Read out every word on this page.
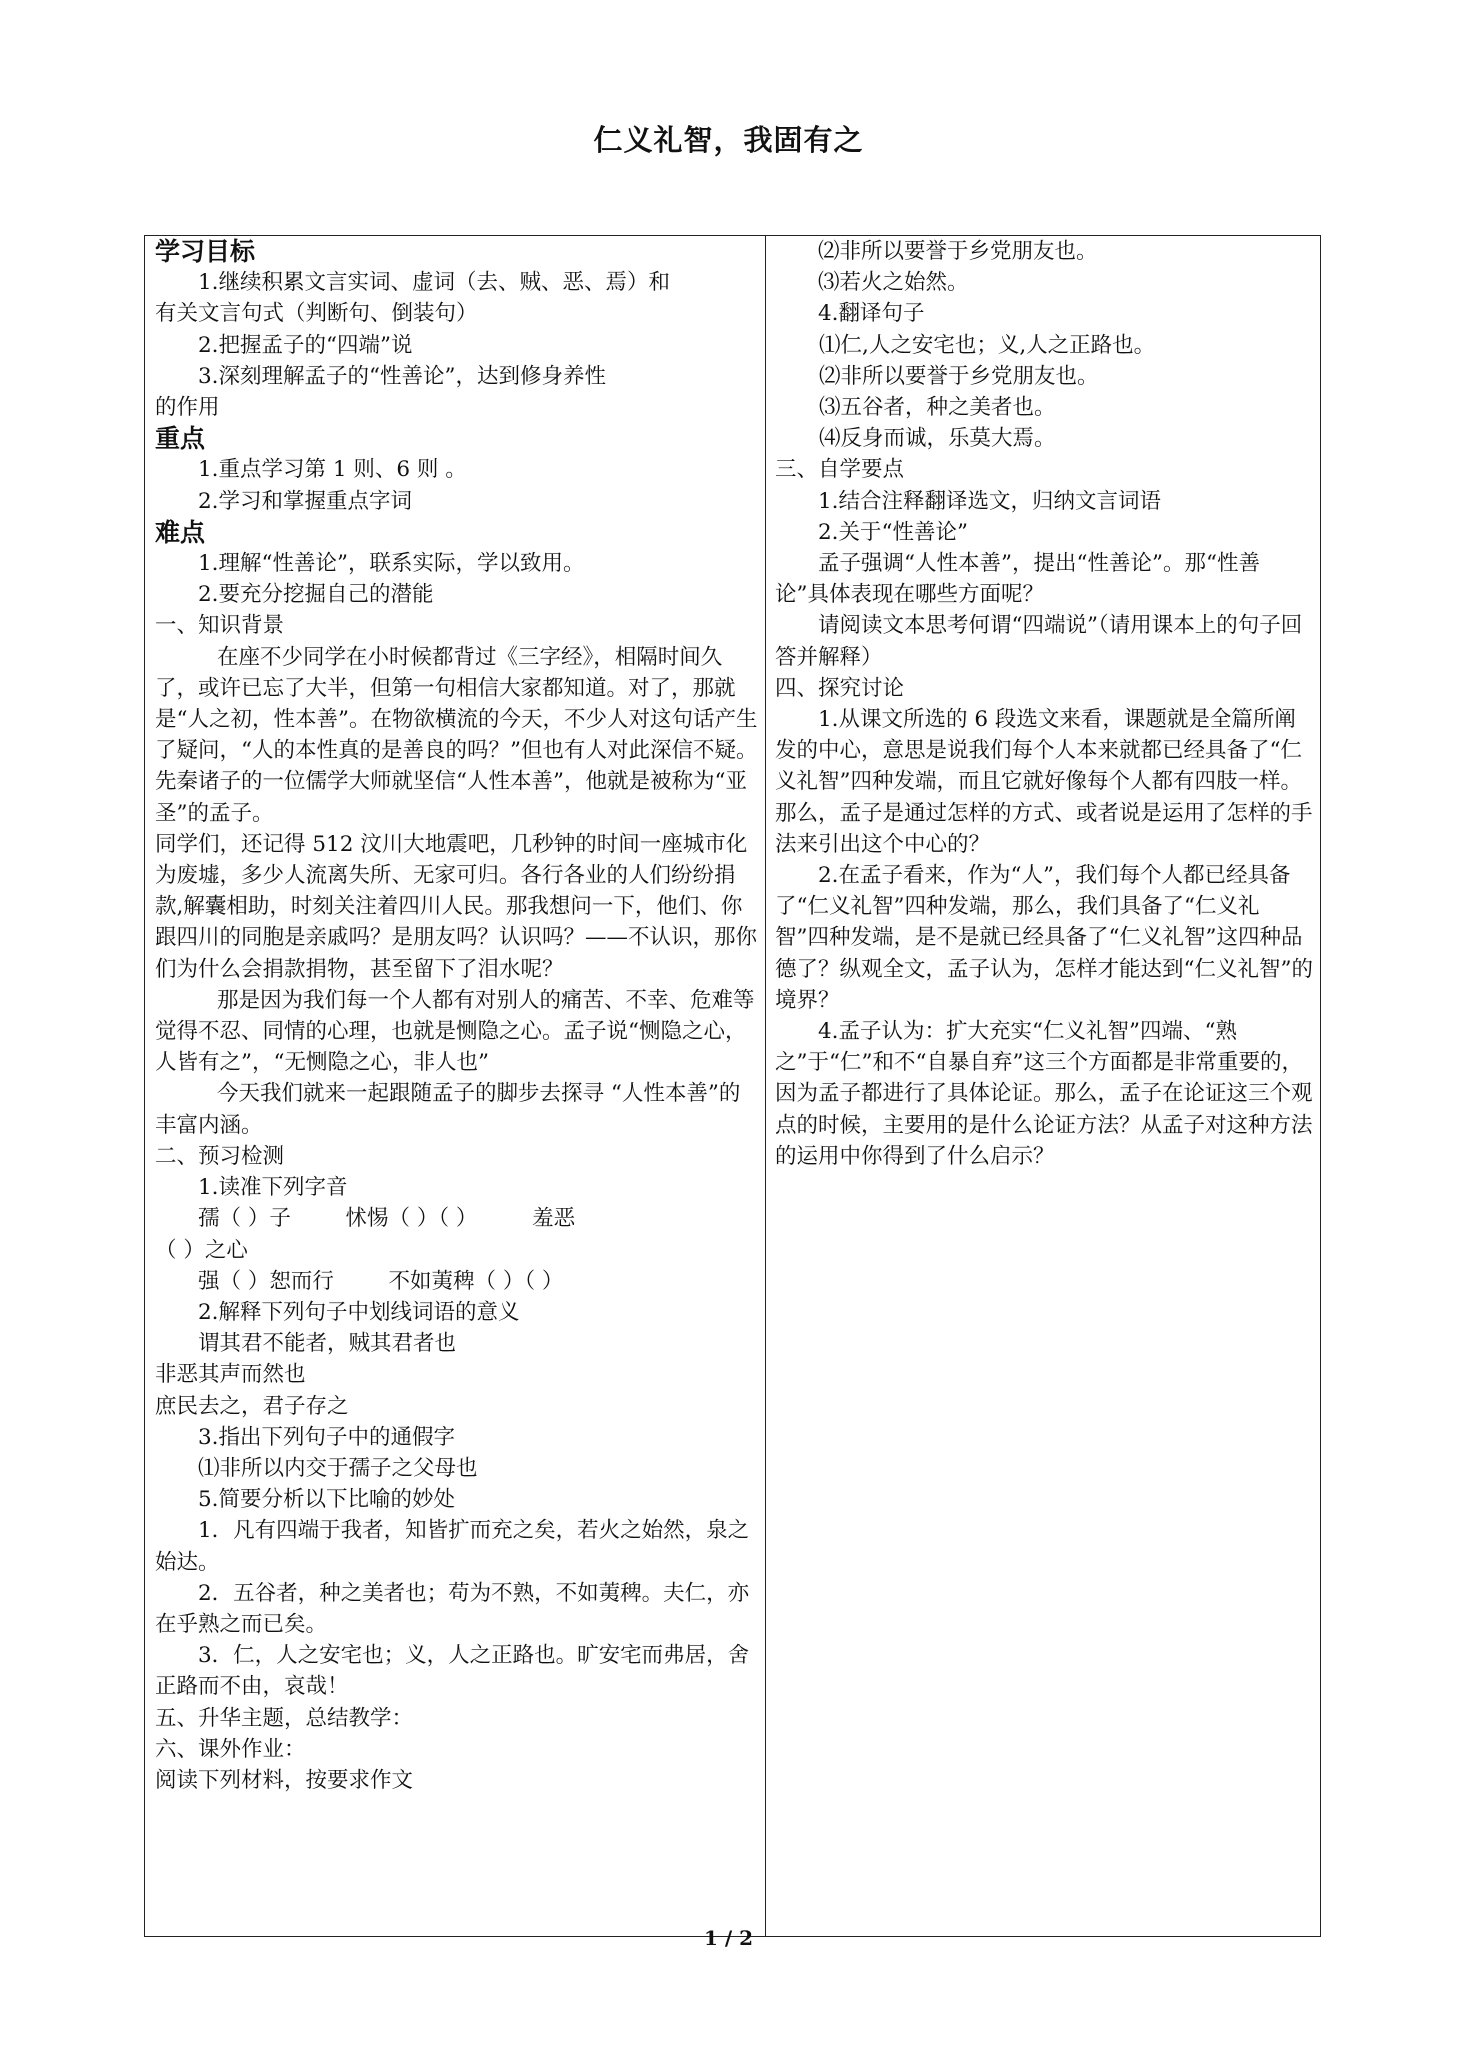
仁义礼智，我固有之

学习目标

1.继续积累文言实词、虚词（去、贼、恶、焉）和

有关文言句式（判断句、倒装句）

2.把握孟子的“四端”说

3.深刻理解孟子的“性善论”，达到修身养性

的作用

重点

1.重点学习第 1 则、6 则 。

2.学习和掌握重点字词

难点

1.理解“性善论”，联系实际，学以致用。

2.要充分挖掘自己的潜能

一、知识背景

在座不少同学在小时候都背过《三字经》，相隔时间久了，或许已忘了大半，但第一句相信大家都知道。对了，那就是“人之初，性本善”。在物欲横流的今天，不少人对这句话产生了疑问，“人的本性真的是善良的吗？”但也有人对此深信不疑。先秦诸子的一位儒学大师就坚信“人性本善”，他就是被称为“亚圣”的孟子。

同学们，还记得 512 汶川大地震吧，几秒钟的时间一座城市化为废墟，多少人流离失所、无家可归。各行各业的人们纷纷捐款,解囊相助，时刻关注着四川人民。那我想问一下，他们、你跟四川的同胞是亲戚吗？是朋友吗？认识吗？——不认识，那你们为什么会捐款捐物，甚至留下了泪水呢？

那是因为我们每一个人都有对别人的痛苦、不幸、危难等觉得不忍、同情的心理，也就是恻隐之心。孟子说“恻隐之心，人皆有之”，“无恻隐之心，非人也”

今天我们就来一起跟随孟子的脚步去探寻 “人性本善”的丰富内涵。

二、预习检测

1.读准下列字音

孺（ ）子        怵惕（ ）（ ）        羞恶

（ ）之心

强（ ）恕而行        不如荑稗（ ）（ ）

2.解释下列句子中划线词语的意义

谓其君不能者，贼其君者也

非恶其声而然也

庶民去之，君子存之

3.指出下列句子中的通假字

⑴非所以内交于孺子之父母也

5.简要分析以下比喻的妙处

1．凡有四端于我者，知皆扩而充之矣，若火之始然，泉之始达。

2．五谷者，种之美者也；苟为不熟，不如荑稗。夫仁，亦在乎熟之而已矣。

3．仁，人之安宅也；义，人之正路也。旷安宅而弗居，舍正路而不由，哀哉！

五、升华主题，总结教学：

六、课外作业：

阅读下列材料，按要求作文

⑵非所以要誉于乡党朋友也。

⑶若火之始然。

4.翻译句子

⑴仁,人之安宅也；义,人之正路也。

⑵非所以要誉于乡党朋友也。

⑶五谷者，种之美者也。

⑷反身而诚，乐莫大焉。

三、自学要点

1.结合注释翻译选文，归纳文言词语

2.关于“性善论”

孟子强调“人性本善”，提出“性善论”。那“性善论”具体表现在哪些方面呢？

请阅读文本思考何谓“四端说”（请用课本上的句子回答并解释）

四、探究讨论

1.从课文所选的 6 段选文来看，课题就是全篇所阐发的中心，意思是说我们每个人本来就都已经具备了“仁义礼智”四种发端，而且它就好像每个人都有四肢一样。那么，孟子是通过怎样的方式、或者说是运用了怎样的手法来引出这个中心的？

2.在孟子看来，作为“人”，我们每个人都已经具备了“仁义礼智”四种发端，那么，我们具备了“仁义礼智”四种发端，是不是就已经具备了“仁义礼智”这四种品德了？纵观全文，孟子认为，怎样才能达到“仁义礼智”的境界？

4.孟子认为：扩大充实“仁义礼智”四端、“熟之”于“仁”和不“自暴自弃”这三个方面都是非常重要的，因为孟子都进行了具体论证。那么，孟子在论证这三个观点的时候，主要用的是什么论证方法？从孟子对这种方法的运用中你得到了什么启示？

1 / 2
